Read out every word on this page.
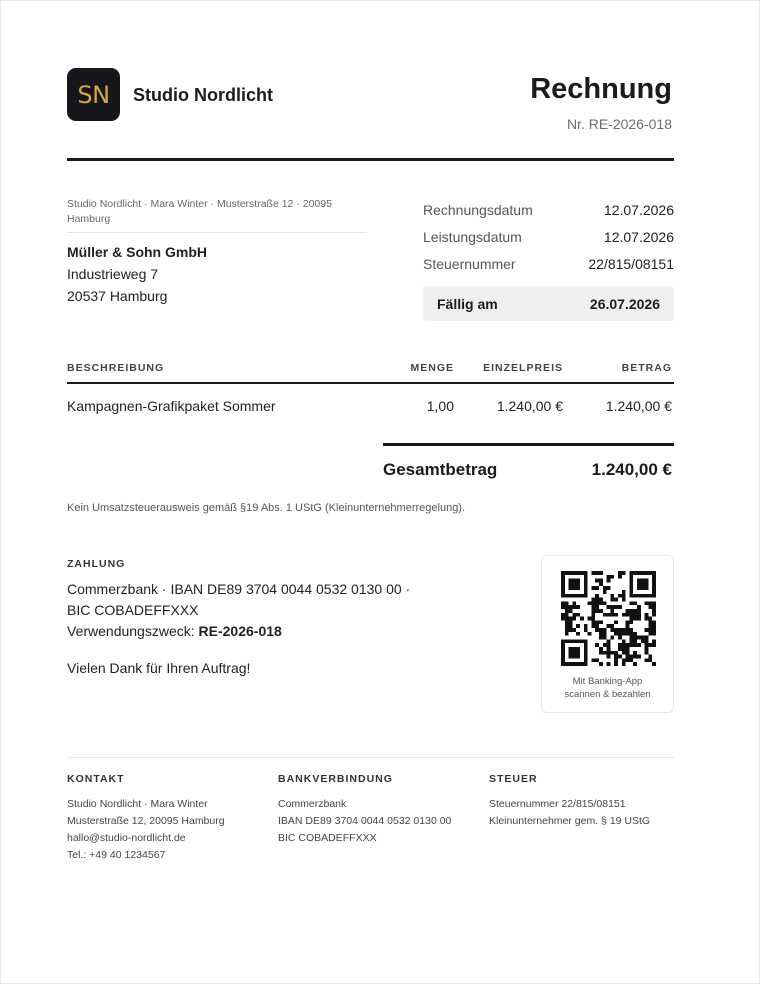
SN Studio Nordlicht	Rechnung
Nr. RE-2026-018
Studio Nordlicht · Mara Winter · Musterstraße 12 · 20095 Hamburg
Müller & Sohn GmbH
Industrieweg 7
20537 Hamburg
Rechnungsdatum	12.07.2026
Leistungsdatum	12.07.2026
Steuernummer	22/815/08151
Fällig am	26.07.2026
BESCHREIBUNG	MENGE	EINZELPREIS	BETRAG
Kampagnen-Grafikpaket Sommer	1,00	1.240,00 €	1.240,00 €
Gesamtbetrag	1.240,00 €
Kein Umsatzsteuerausweis gemäß §19 Abs. 1 UStG (Kleinunternehmerregelung).
ZAHLUNG
Commerzbank · IBAN DE89 3704 0044 0532 0130 00 · BIC COBADEFFXXX
Verwendungszweck: RE-2026-018
Vielen Dank für Ihren Auftrag!
Mit Banking-App
scannen & bezahlen
KONTAKT
Studio Nordlicht · Mara Winter
Musterstraße 12, 20095 Hamburg
hallo@studio-nordlicht.de
Tel.: +49 40 1234567
BANKVERBINDUNG
Commerzbank
IBAN DE89 3704 0044 0532 0130 00
BIC COBADEFFXXX
STEUER
Steuernummer 22/815/08151
Kleinunternehmer gem. § 19 UStG
